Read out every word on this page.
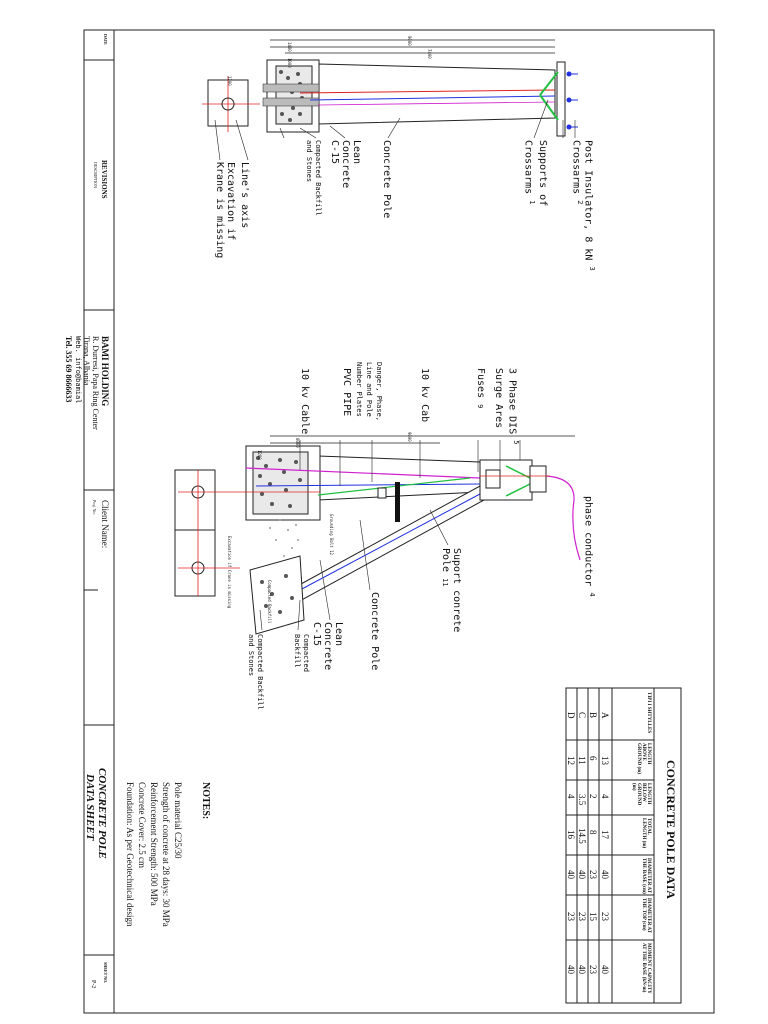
Post Insulator, 8 kN $^3$
Crossarms $^2$
Supports of Crossarms $^1$
Concrete Pole
Lean Concrete C-15
Compacted Backfill and Stones
Line's axis
Excavation if Krane is missing
9000
1400
7400
1000
1200
3 Phase DIS $^5$
Surge Ares
Fuses 9
10 kv Cab
Danger, Phase, Line and Pole Number Plates
PVC PIPE
10 kv Cable
phase conductor $^4$
Suport conrete Pole 11
Concrete Pole
Lean Concrete C-15
Compacted Backfill
Compacted Backfill and Stones
Grounding Bolt 12
Excavation if Crane is missing	Compacted Backfill
9000
8000
1200
CONCRETE POLE DATA
TIPI I SHTYLLES
LENGTH ABOVE GROUND (m)
LENGTH BELOW GROUND (m)
TOTAL LENGTH (m)
DIAMETER AT THE BASE (cm)
DIAMETER AT THE TOP (cm)
MOMENT CAPACITY AT THE BASE (kN-m)
A
13
4
17
40
23
40
B
6
2
8
23
15
23
C
11
3.5
14.5
40
23
40
D
12
4
16
40
23
40
NOTES:
Pole material C25/30
Strength of concrete at 28 days: 30 MPa
Reinforcement Strength: 500 MPa
Concrete Cover: 2.5 cm
Foundation: As per Geotechnical design
DATE
REVISIONS
DESCRIPTION
BAMI HOLDING
R. Durresi, Papa Ring Center
Tirana, Albania
Web. info@bamial
Tel. 355 69 8666633
Client Name:
Proj. No:
CONCRETE POLE
DATA SHEET
SHEET NO.
P-2
